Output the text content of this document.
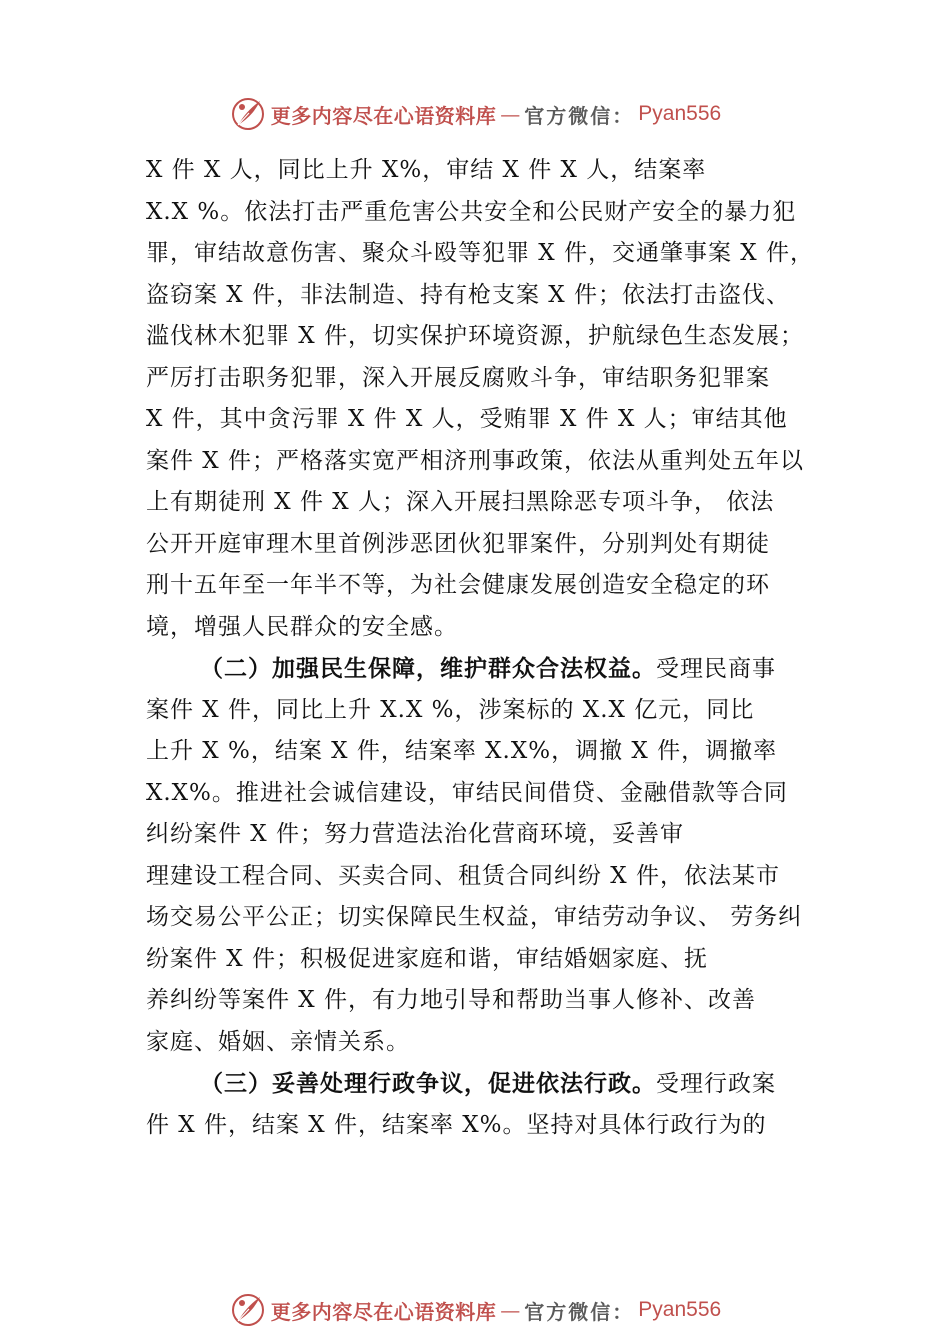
更多内容尽在心语资料库 — 官方微信： Pyan556
X 件 X 人，同比上升 X%，审结 X 件 X 人，结案率
X.X %。依法打击严重危害公共安全和公民财产安全的暴力犯
罪，审结故意伤害、聚众斗殴等犯罪 X 件，交通肇事案 X 件，
盗窃案 X 件，非法制造、持有枪支案 X 件；依法打击盗伐、
滥伐林木犯罪 X 件，切实保护环境资源，护航绿色生态发展；
严厉打击职务犯罪，深入开展反腐败斗争，审结职务犯罪案
X 件，其中贪污罪 X 件 X 人，受贿罪 X 件 X 人；审结其他
案件 X 件；严格落实宽严相济刑事政策，依法从重判处五年以
上有期徒刑 X 件 X 人；深入开展扫黑除恶专项斗争， 依法
公开开庭审理木里首例涉恶团伙犯罪案件，分别判处有期徒
刑十五年至一年半不等，为社会健康发展创造安全稳定的环
境，增强人民群众的安全感。
（二）加强民生保障，维护群众合法权益。受理民商事
案件 X 件，同比上升 X.X %，涉案标的 X.X 亿元，同比
上升 X %，结案 X 件，结案率 X.X%，调撤 X 件，调撤率
X.X%。推进社会诚信建设，审结民间借贷、金融借款等合同
纠纷案件 X 件；努力营造法治化营商环境，妥善审
理建设工程合同、买卖合同、租赁合同纠纷 X 件，依法某市
场交易公平公正；切实保障民生权益，审结劳动争议、 劳务纠
纷案件 X 件；积极促进家庭和谐，审结婚姻家庭、抚
养纠纷等案件 X 件，有力地引导和帮助当事人修补、改善
家庭、婚姻、亲情关系。
（三）妥善处理行政争议，促进依法行政。受理行政案
件 X 件，结案 X 件，结案率 X%。坚持对具体行政行为的
更多内容尽在心语资料库 — 官方微信： Pyan556
